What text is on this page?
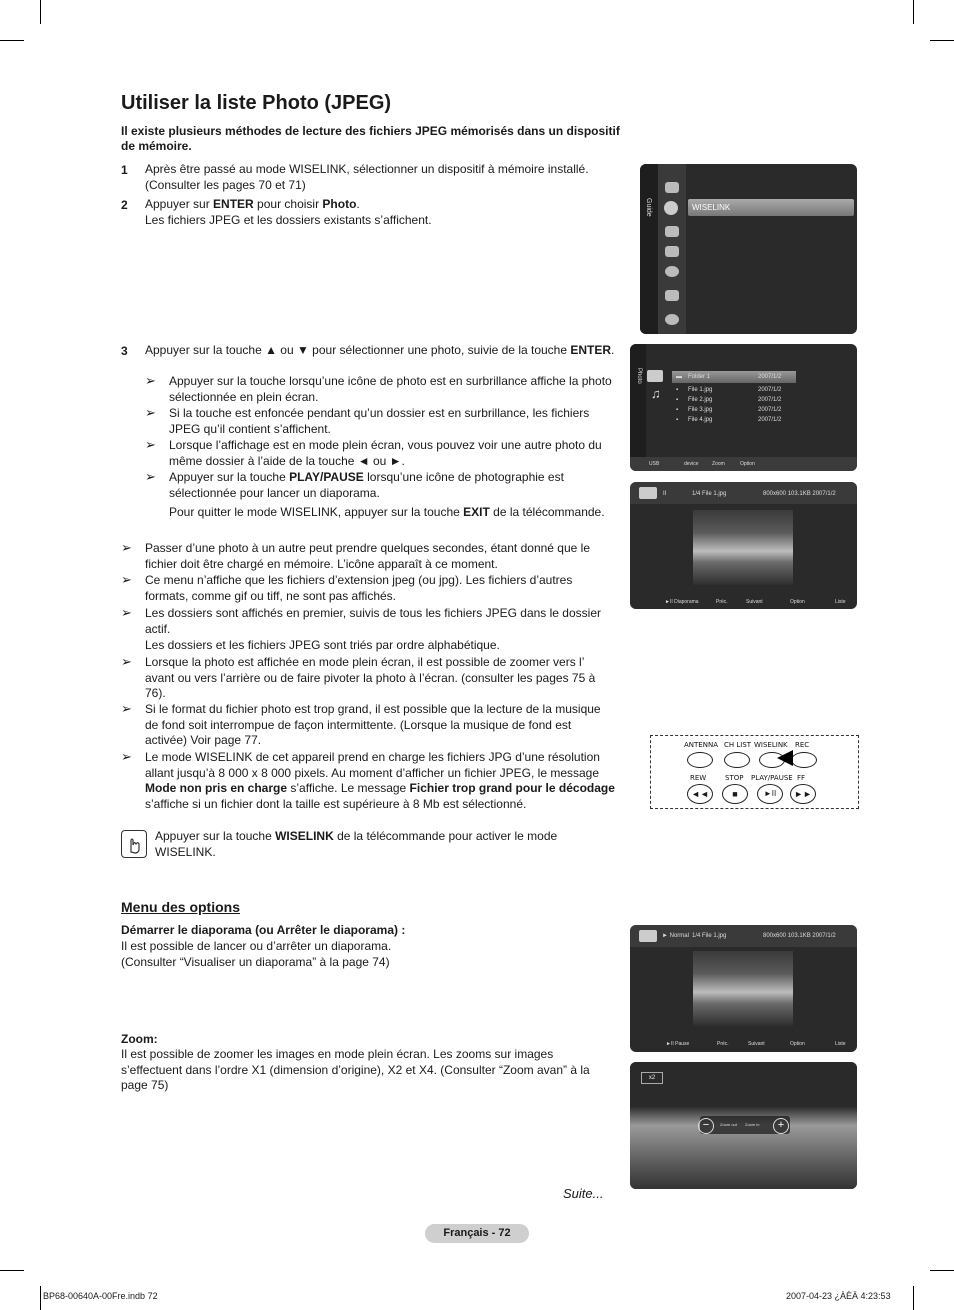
Utiliser la liste Photo (JPEG)
Il existe plusieurs méthodes de lecture des fichiers JPEG mémorisés dans un dispositif de mémoire.
1 Après être passé au mode WISELINK, sélectionner un dispositif à mémoire installé. (Consulter les pages 70 et 71)
2 Appuyer sur ENTER pour choisir Photo.
Les fichiers JPEG et les dossiers existants s’affichent.
3 Appuyer sur la touche ▲ ou ▼ pour sélectionner une photo, suivie de la touche ENTER.
➢ Appuyer sur la touche lorsqu’une icône de photo est en surbrillance affiche la photo sélectionnée en plein écran.
➢ Si la touche est enfoncée pendant qu’un dossier est en surbrillance, les fichiers JPEG qu’il contient s’affichent.
➢ Lorsque l’affichage est en mode plein écran, vous pouvez voir une autre photo du même dossier à l’aide de la touche ◄ ou ►.
➢ Appuyer sur la touche PLAY/PAUSE lorsqu’une icône de photographie est sélectionnée pour lancer un diaporama.
Pour quitter le mode WISELINK, appuyer sur la touche EXIT de la télécommande.
➢ Passer d’une photo à un autre peut prendre quelques secondes, étant donné que le fichier doit être chargé en mémoire. L’icône apparaît à ce moment.
➢ Ce menu n’affiche que les fichiers d’extension jpeg (ou jpg). Les fichiers d’autres formats, comme gif ou tiff, ne sont pas affichés.
➢ Les dossiers sont affichés en premier, suivis de tous les fichiers JPEG dans le dossier actif.
Les dossiers et les fichiers JPEG sont triés par ordre alphabétique.
➢ Lorsque la photo est affichée en mode plein écran, il est possible de zoomer vers l’ avant ou vers l’arrière ou de faire pivoter la photo à l’écran. (consulter les pages 75 à 76).
➢ Si le format du fichier photo est trop grand, il est possible que la lecture de la musique de fond soit interrompue de façon intermittente. (Lorsque la musique de fond est activée) Voir page 77.
➢ Le mode WISELINK de cet appareil prend en charge les fichiers JPG d’une résolution allant jusqu’à 8 000 x 8 000 pixels. Au moment d’afficher un fichier JPEG, le message Mode non pris en charge s’affiche. Le message Fichier trop grand pour le décodage s’affiche si un fichier dont la taille est supérieure à 8 Mb est sélectionné.
Appuyer sur la touche WISELINK de la télécommande pour activer le mode WISELINK.
Menu des options
Démarrer le diaporama (ou Arrêter le diaporama) :
Il est possible de lancer ou d’arrêter un diaporama. (Consulter “Visualiser un diaporama” à la page 74)
Zoom:
Il est possible de zoomer les images en mode plein écran. Les zooms sur images s’effectuent dans l’ordre X1 (dimension d’origine), X2 et X4. (Consulter “Zoom avan” à la page 75)
Suite...
Français - 72
BP68-00640A-00Fre.indb 72	2007-04-23 ¿ÀÈÄ 4:23:53
Guide	WISELINK
Photo
♫
▬ Folder 1	2007/1/2
▪ File 1.jpg	2007/1/2
▪ File 2.jpg	2007/1/2
▪ File 3.jpg	2007/1/2
▪ File 4.jpg	2007/1/2
USB	device	Zoom	Option
II	1/4 File 1.jpg	800x600 103.1KB 2007/1/2
►II Diaporama	Préc.	Suivant	Option	Liste
ANTENNA CH LIST WISELINK REC
REW	STOP PLAY/PAUSE FF
◄◄	■	►II	►►
► Normal 1/4 File 1.jpg	800x600 103.1KB 2007/1/2
►II Pause	Préc.	Suivant	Option	Liste
x2
−	Zoom out Zoom in	+
